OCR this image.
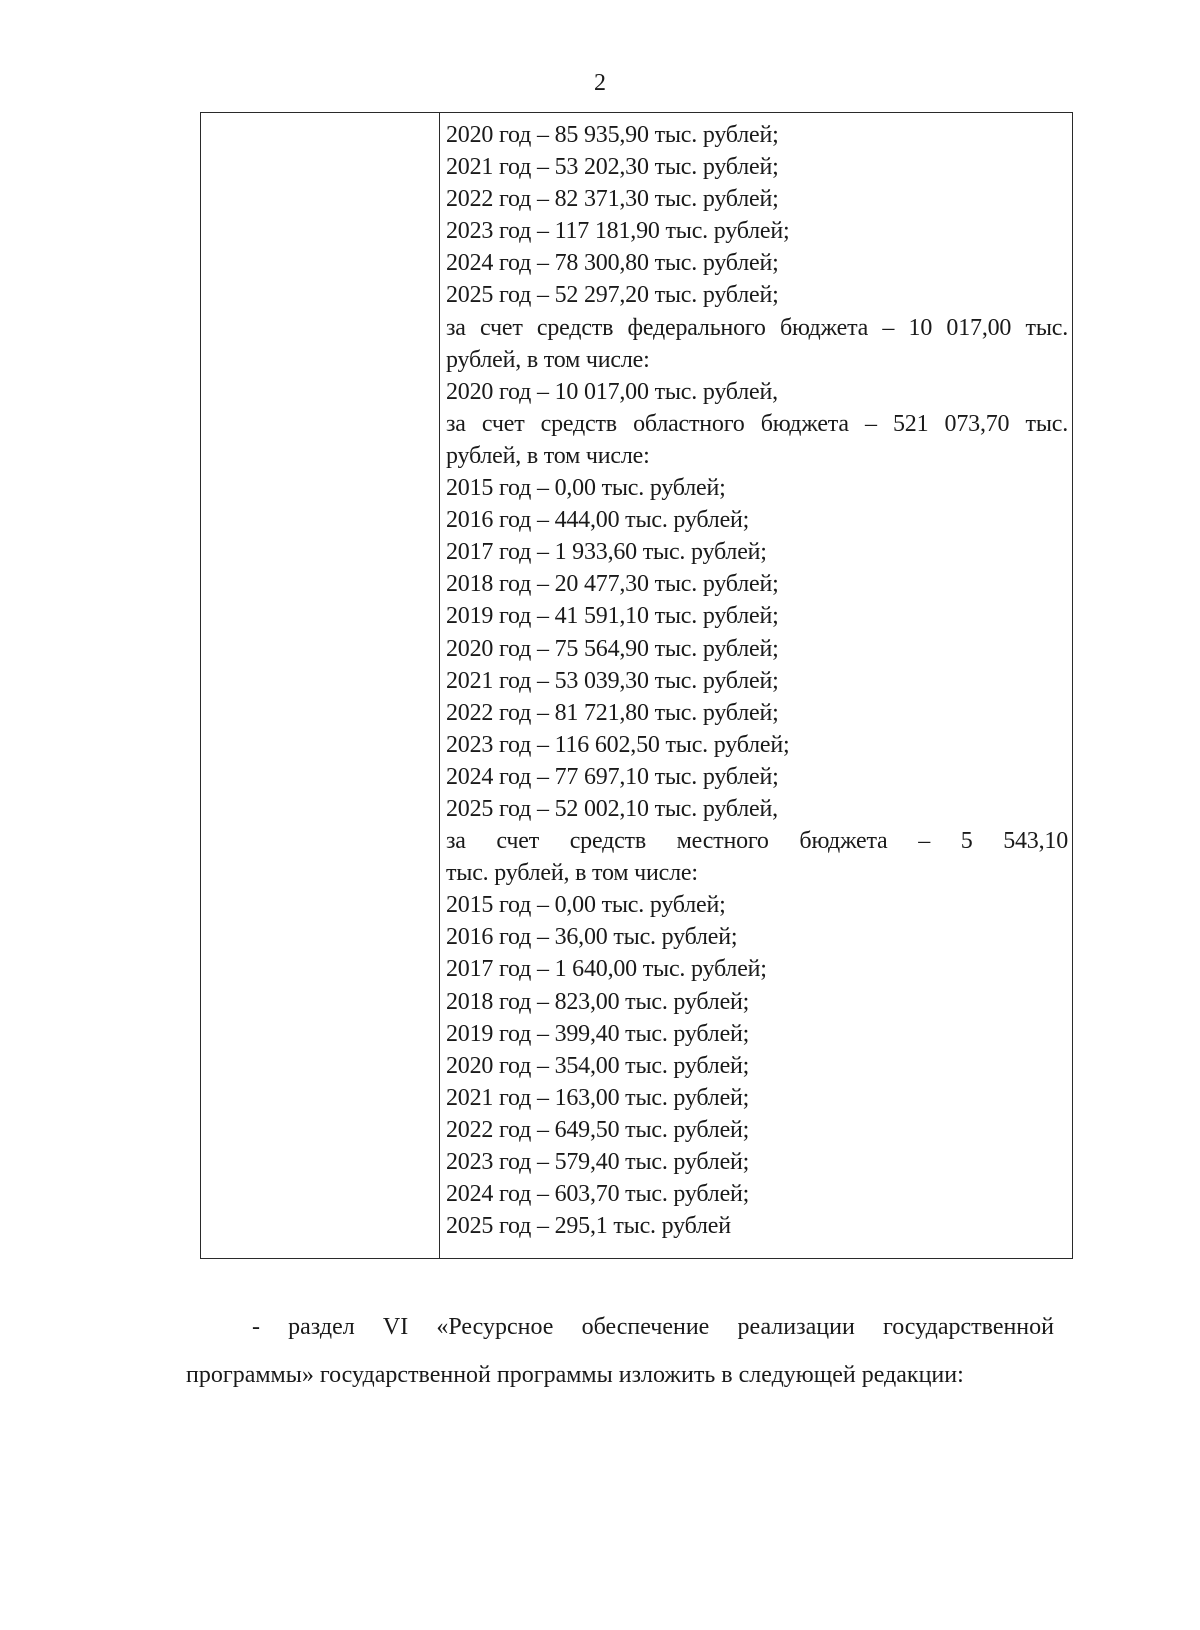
2
2020 год – 85 935,90 тыс. рублей;
2021 год – 53 202,30 тыс. рублей;
2022 год – 82 371,30 тыс. рублей;
2023 год – 117 181,90 тыс. рублей;
2024 год – 78 300,80 тыс. рублей;
2025 год – 52 297,20 тыс. рублей;
за счет средств федерального бюджета – 10 017,00 тыс.
рублей, в том числе:
2020 год – 10 017,00 тыс. рублей,
за счет средств областного бюджета – 521 073,70 тыс.
рублей, в том числе:
2015 год – 0,00 тыс. рублей;
2016 год – 444,00 тыс. рублей;
2017 год – 1 933,60 тыс. рублей;
2018 год – 20 477,30 тыс. рублей;
2019 год – 41 591,10 тыс. рублей;
2020 год – 75 564,90 тыс. рублей;
2021 год – 53 039,30 тыс. рублей;
2022 год – 81 721,80 тыс. рублей;
2023 год – 116 602,50 тыс. рублей;
2024 год – 77 697,10 тыс. рублей;
2025 год – 52 002,10 тыс. рублей,
за счет средств местного бюджета – 5 543,10
тыс. рублей, в том числе:
2015 год – 0,00 тыс. рублей;
2016 год – 36,00 тыс. рублей;
2017 год – 1 640,00 тыс. рублей;
2018 год – 823,00 тыс. рублей;
2019 год – 399,40 тыс. рублей;
2020 год – 354,00 тыс. рублей;
2021 год – 163,00 тыс. рублей;
2022 год – 649,50 тыс. рублей;
2023 год – 579,40 тыс. рублей;
2024 год – 603,70 тыс. рублей;
2025 год – 295,1 тыс. рублей
- раздел VI «Ресурсное обеспечение реализации государственной программы» государственной программы изложить в следующей редакции:
